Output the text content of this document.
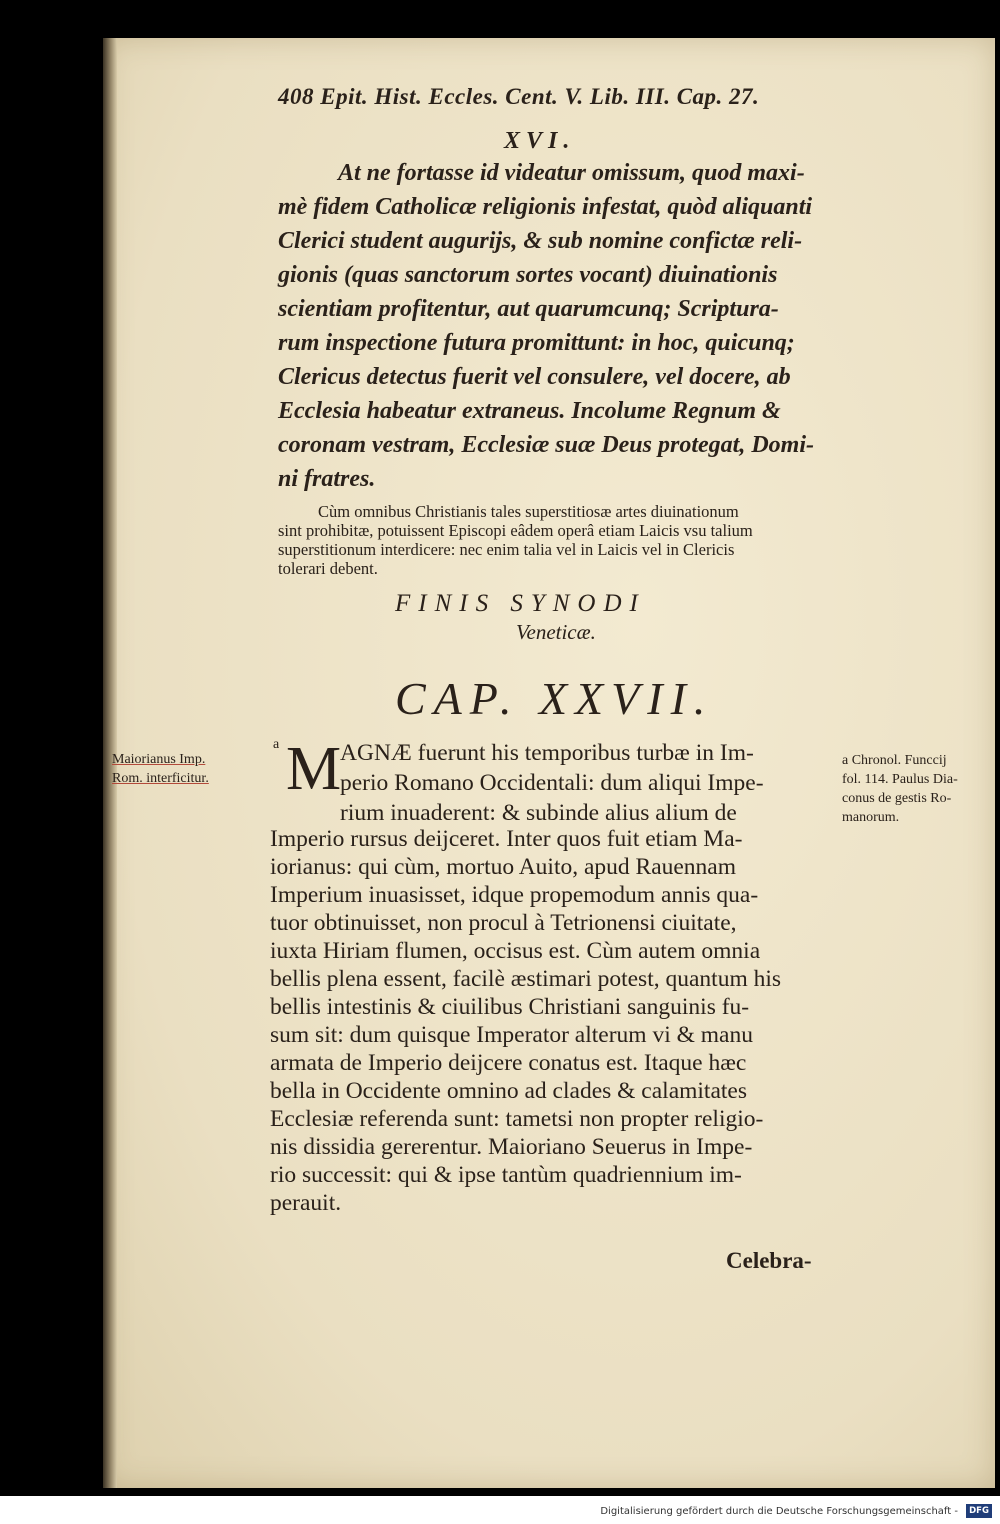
408 Epit. Hist. Eccles. Cent. V. Lib. III. Cap. 27.
XVI.
At ne fortasse id videatur omissum, quod maxi-
mè fidem Catholicæ religionis infestat, quòd aliquanti
Clerici student augurijs, & sub nomine confictæ reli-
gionis (quas sanctorum sortes vocant) diuinationis
scientiam profitentur, aut quarumcunq; Scriptura-
rum inspectione futura promittunt: in hoc, quicunq;
Clericus detectus fuerit vel consulere, vel docere, ab
Ecclesia habeatur extraneus. Incolume Regnum &
coronam vestram, Ecclesiæ suæ Deus protegat, Domi-
ni fratres.
Cùm omnibus Christianis tales superstitiosæ artes diuinationum
sint prohibitæ, potuissent Episcopi eâdem operâ etiam Laicis vsu talium
superstitionum interdicere: nec enim talia vel in Laicis vel in Clericis
tolerari debent.
FINIS SYNODI
Veneticæ.
CAP. XXVII.
a M
AGNÆ fuerunt his temporibus turbæ in Im-
perio Romano Occidentali: dum aliqui Impe-
rium inuaderent: & subinde alius alium de
Imperio rursus deijceret. Inter quos fuit etiam Ma-
iorianus: qui cùm, mortuo Auito, apud Rauennam
Imperium inuasisset, idque propemodum annis qua-
tuor obtinuisset, non procul à Tetrionensi ciuitate,
iuxta Hiriam flumen, occisus est. Cùm autem omnia
bellis plena essent, facilè æstimari potest, quantum his
bellis intestinis & ciuilibus Christiani sanguinis fu-
sum sit: dum quisque Imperator alterum vi & manu
armata de Imperio deijcere conatus est. Itaque hæc
bella in Occidente omnino ad clades & calamitates
Ecclesiæ referenda sunt: tametsi non propter religio-
nis dissidia gererentur. Maioriano Seuerus in Impe-
rio successit: qui & ipse tantùm quadriennium im-
perauit.
Maiorianus Imp.
Rom. interficitur.
a Chronol. Funccij
fol. 114. Paulus Dia-
conus de gestis Ro-
manorum.
Celebra-
Digitalisierung gefördert durch die Deutsche Forschungsgemeinschaft -	DFG
